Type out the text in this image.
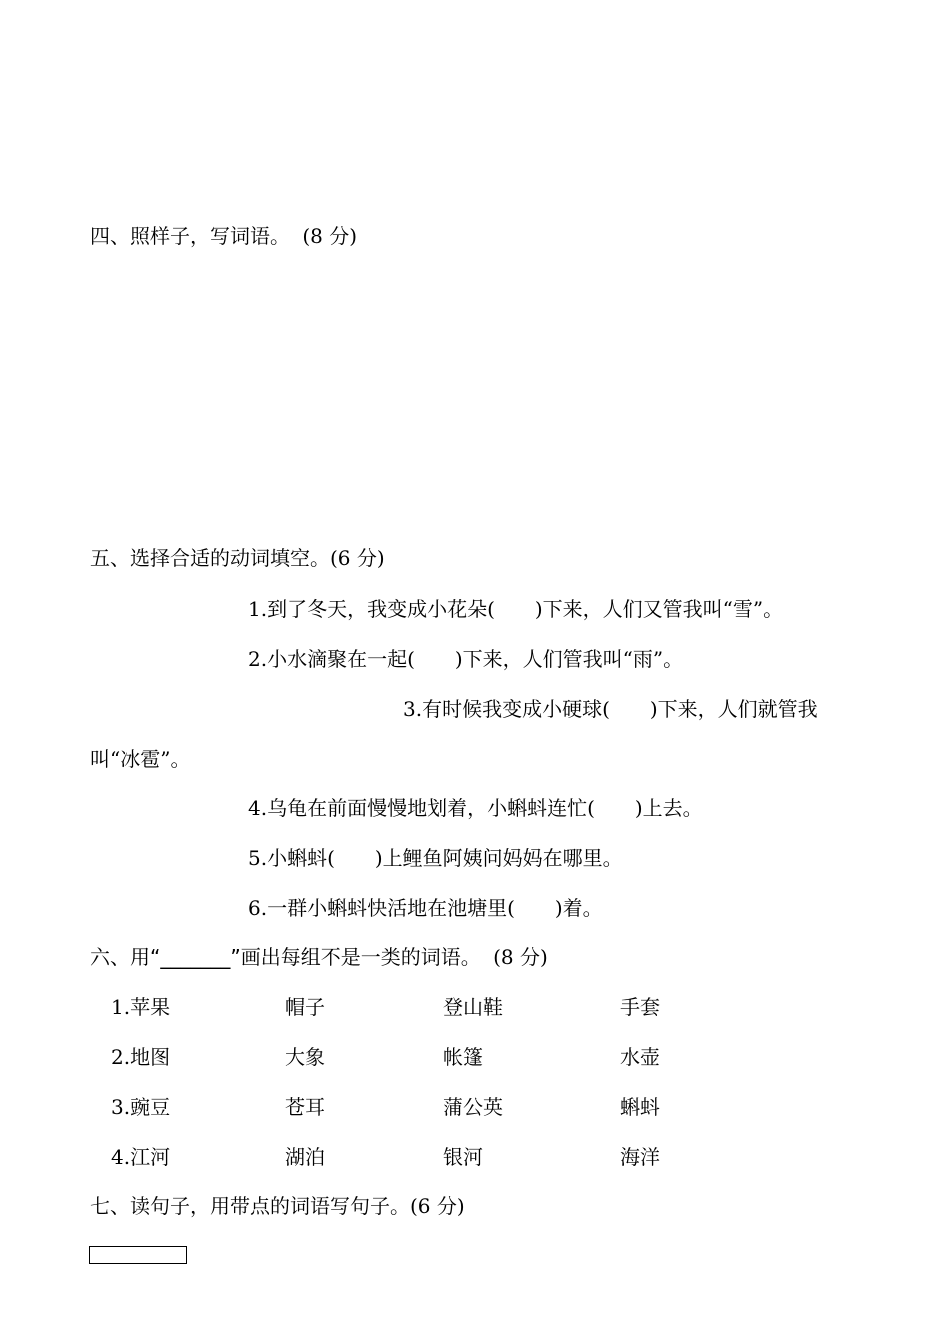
四、照样子，写词语。 (8 分)
五、选择合适的动词填空。(6 分)
1.到了冬天，我变成小花朵(　　)下来，人们又管我叫“雪”。
2.小水滴聚在一起(　　)下来，人们管我叫“雨”。
3.有时候我变成小硬球(　　)下来，人们就管我
叫“冰雹”。
4.乌龟在前面慢慢地划着，小蝌蚪连忙(　　)上去。
5.小蝌蚪(　　)上鲤鱼阿姨问妈妈在哪里。
6.一群小蝌蚪快活地在池塘里(　　)着。
六、用“_______”画出每组不是一类的词语。 (8 分)
1.苹果	帽子	登山鞋	手套
2.地图	大象	帐篷	水壶
3.豌豆	苍耳	蒲公英	蝌蚪
4.江河	湖泊	银河	海洋
七、读句子，用带点的词语写句子。(6 分)
